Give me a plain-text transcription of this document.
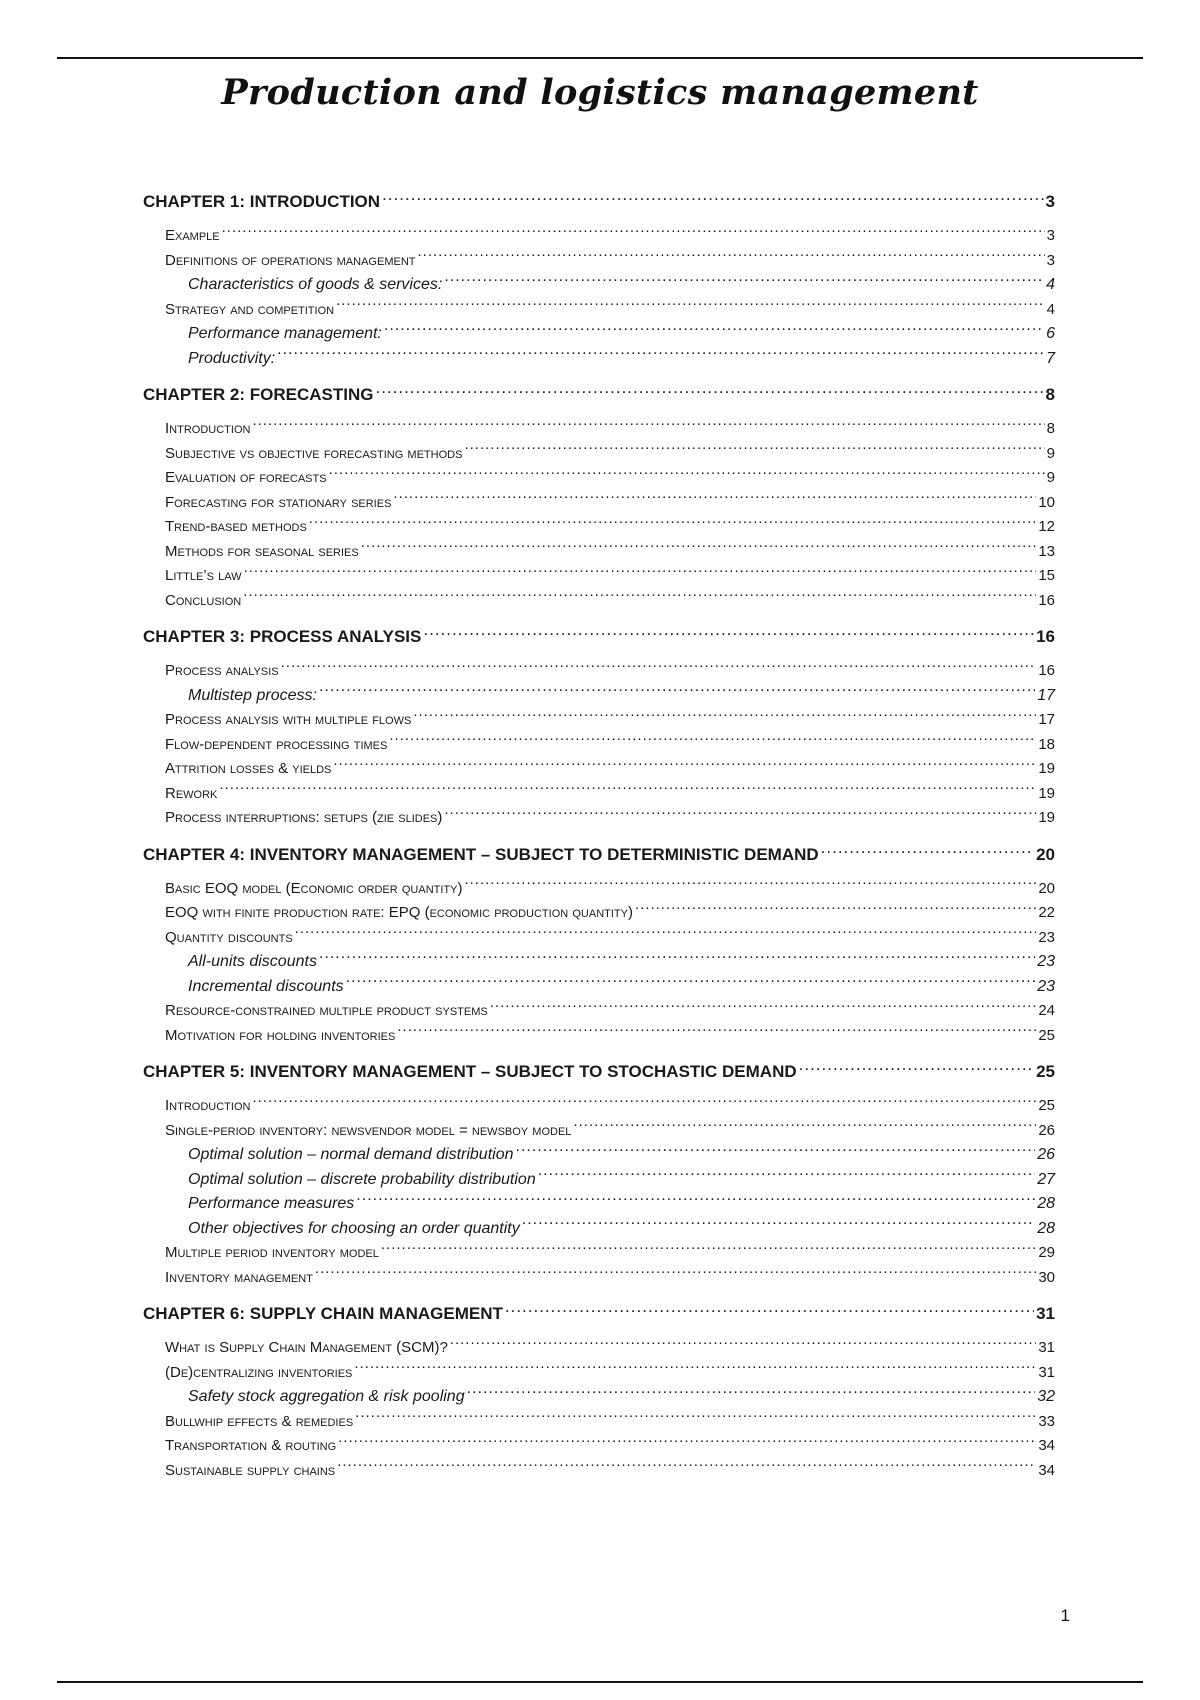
Production and logistics management
CHAPTER 1: INTRODUCTION .....	3
Example .....	3
Definitions of operations management .....	3
Characteristics of goods & services: .....	4
Strategy and competition .....	4
Performance management: .....	6
Productivity: .....	7
CHAPTER 2: FORECASTING .....	8
Introduction .....	8
Subjective vs objective forecasting methods .....	9
Evaluation of forecasts .....	9
Forecasting for stationary series .....	10
Trend-based methods .....	12
Methods for seasonal series .....	13
Little’s law .....	15
Conclusion .....	16
CHAPTER 3: PROCESS ANALYSIS .....	16
Process analysis .....	16
Multistep process: .....	17
Process analysis with multiple flows .....	17
Flow-dependent processing times .....	18
Attrition losses & yields .....	19
Rework .....	19
Process interruptions: setups (zie slides) .....	19
CHAPTER 4: INVENTORY MANAGEMENT – SUBJECT TO DETERMINISTIC DEMAND .....	20
Basic EOQ model (Economic order quantity) .....	20
EOQ with finite production rate: EPQ (economic production quantity) .....	22
Quantity discounts .....	23
All-units discounts .....	23
Incremental discounts .....	23
Resource-constrained multiple product systems .....	24
Motivation for holding inventories .....	25
CHAPTER 5: INVENTORY MANAGEMENT – SUBJECT TO STOCHASTIC DEMAND .....	25
Introduction .....	25
Single-period inventory: newsvendor model = newsboy model .....	26
Optimal solution – normal demand distribution .....	26
Optimal solution – discrete probability distribution .....	27
Performance measures .....	28
Other objectives for choosing an order quantity .....	28
Multiple period inventory model .....	29
Inventory management .....	30
CHAPTER 6: SUPPLY CHAIN MANAGEMENT .....	31
What is Supply Chain Management (SCM)? .....	31
(De)centralizing inventories .....	31
Safety stock aggregation & risk pooling .....	32
Bullwhip effects & remedies .....	33
Transportation & routing .....	34
Sustainable supply chains .....	34
1
